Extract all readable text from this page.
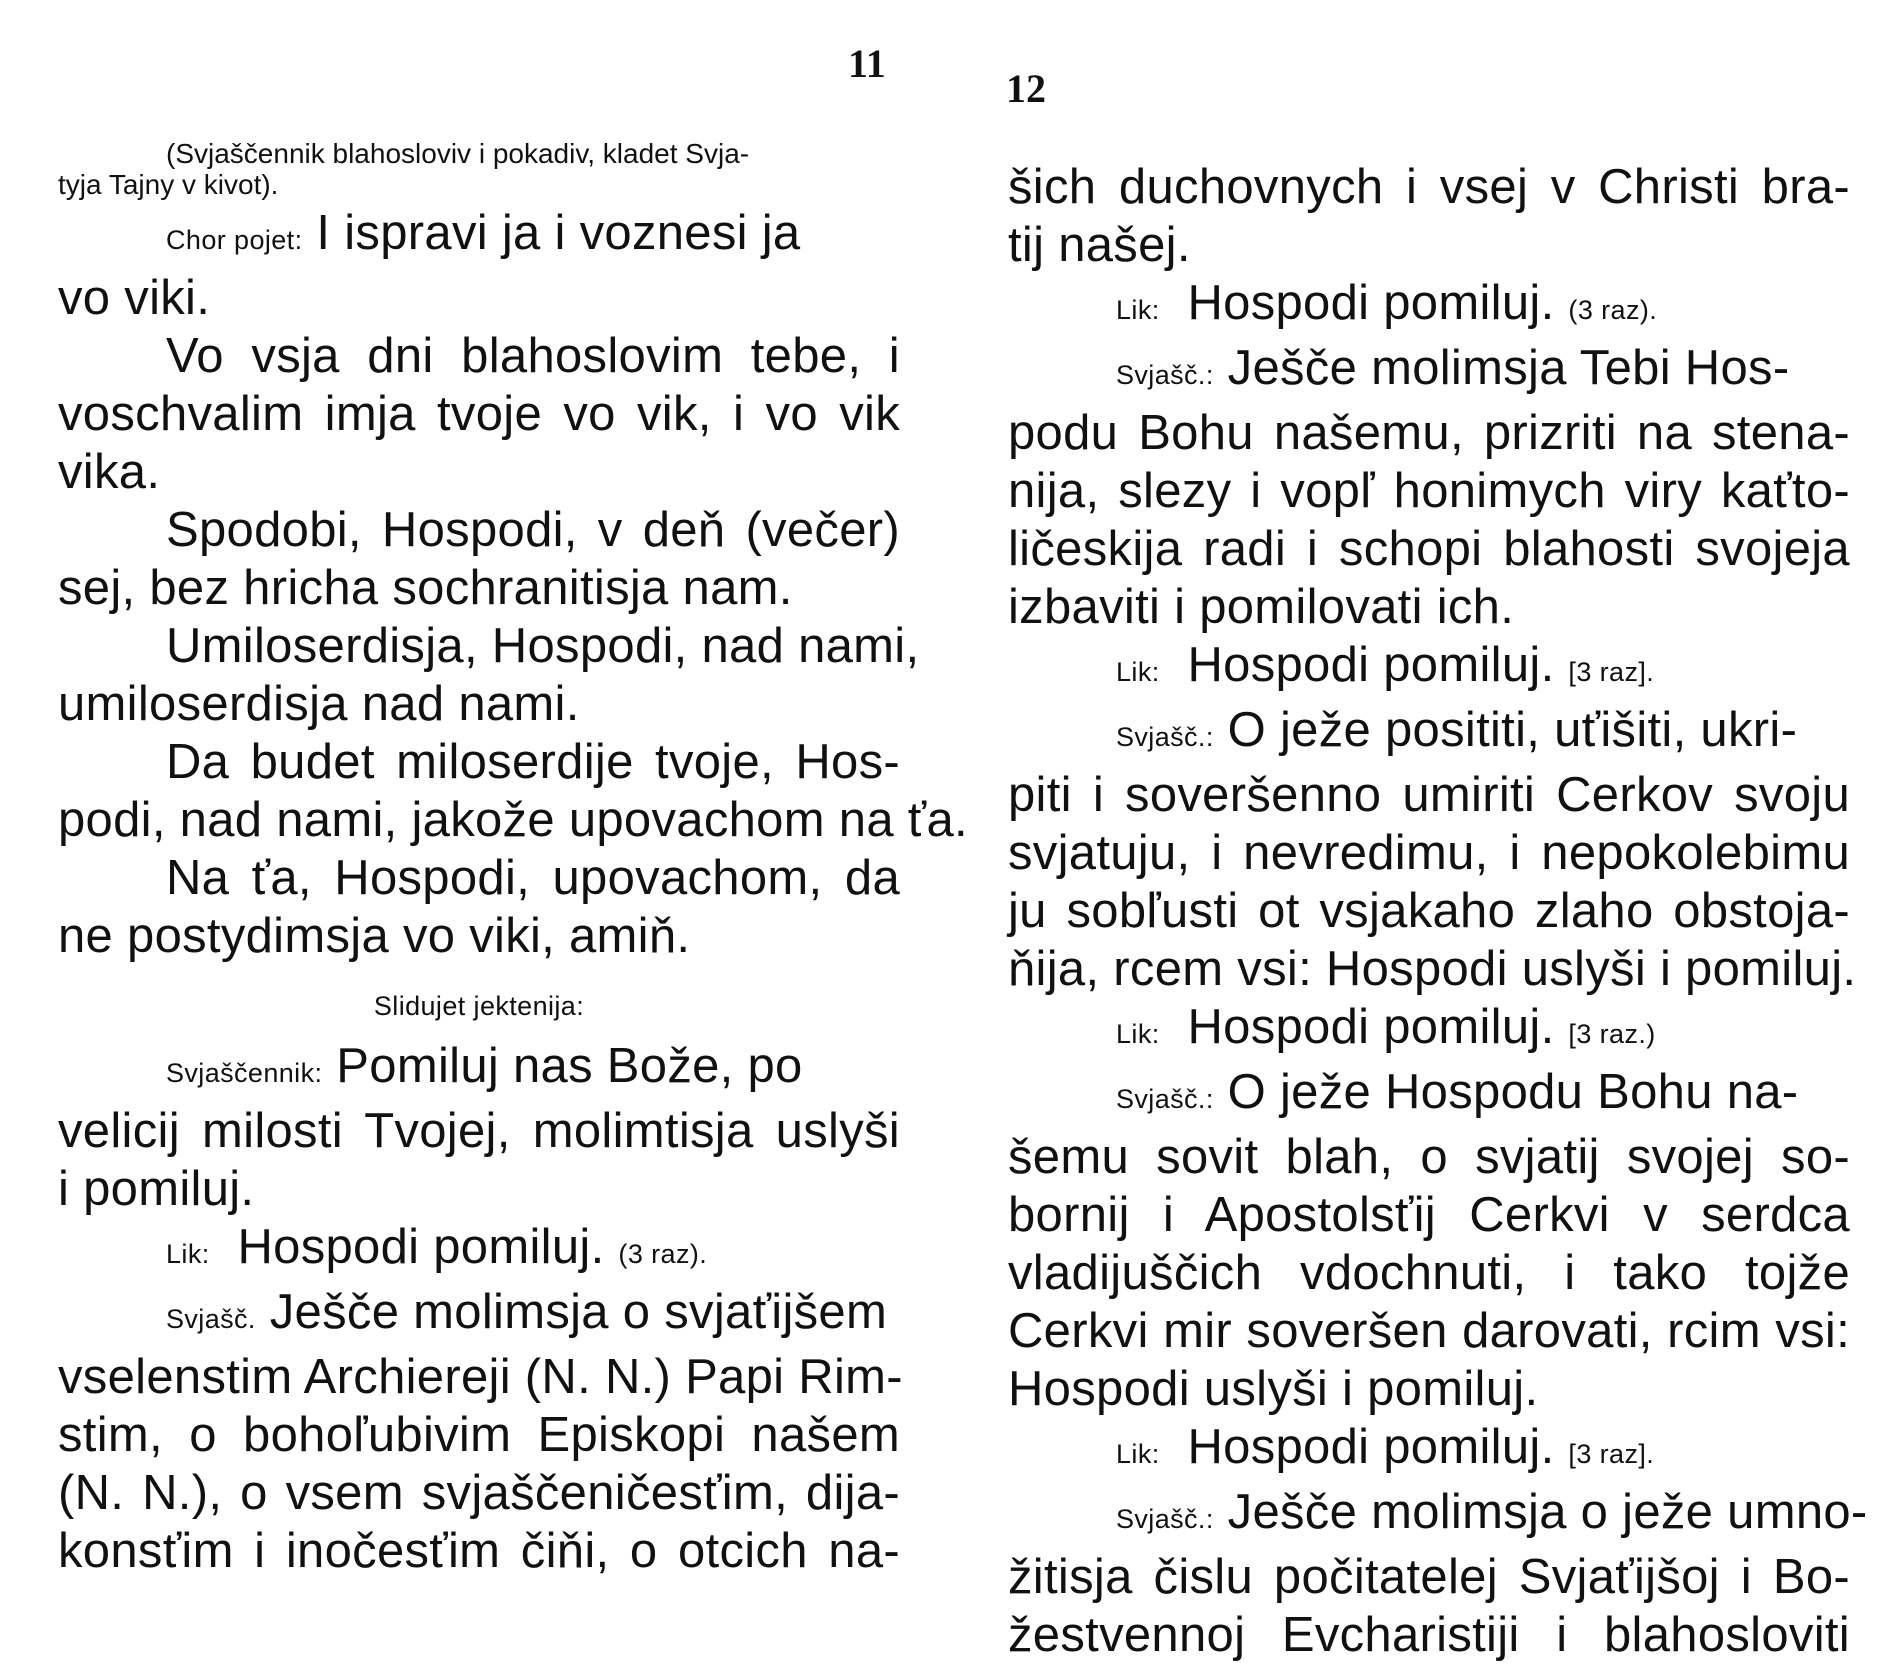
11
(Svjaščennik blahosloviv i pokadiv, kladet Svja-
tyja Tajny v kivot).
Chor pojet: I ispravi ja i voznesi ja
vo viki.
Vo vsja dni blahoslovim tebe, i
voschvalim imja tvoje vo vik, i vo vik
vika.
Spodobi, Hospodi, v deň (večer)
sej, bez hricha sochranitisja nam.
Umiloserdisja, Hospodi, nad nami,
umiloserdisja nad nami.
Da budet miloserdije tvoje, Hos-
podi, nad nami, jakože upovachom na ťa.
Na ťa, Hospodi, upovachom, da
ne postydimsja vo viki, amiň.
Slidujet jektenija:
Svjaščennik: Pomiluj nas Bože, po
velicij milosti Tvojej, molimtisja uslyši
i pomiluj.
Lik: Hospodi pomiluj. (3 raz).
Svjašč. Ješče molimsja o svjaťijšem
vselenstim Archiereji (N. N.) Papi Rim-
stim, o bohoľubivim Episkopi našem
(N. N.), o vsem svjaščeničesťim, dija-
konsťim i inočesťim čiňi, o otcich na-
12
šich duchovnych i vsej v Christi bra-
tij našej.
Lik: Hospodi pomiluj. (3 raz).
Svjašč.: Ješče molimsja Tebi Hos-
podu Bohu našemu, prizriti na stena-
nija, slezy i vopľ honimych viry kaťto-
ličeskija radi i schopi blahosti svojeja
izbaviti i pomilovati ich.
Lik: Hospodi pomiluj. [3 raz].
Svjašč.: O ježe posititi, uťišiti, ukri-
piti i soveršenno umiriti Cerkov svoju
svjatuju, i nevredimu, i nepokolebimu
ju sobľusti ot vsjakaho zlaho obstoja-
ňija, rcem vsi: Hospodi uslyši i pomiluj.
Lik: Hospodi pomiluj. [3 raz.)
Svjašč.: O ježe Hospodu Bohu na-
šemu sovit blah, o svjatij svojej so-
bornij i Apostolsťij Cerkvi v serdca
vladijuščich vdochnuti, i tako tojže
Cerkvi mir soveršen darovati, rcim vsi:
Hospodi uslyši i pomiluj.
Lik: Hospodi pomiluj. [3 raz].
Svjašč.: Ješče molimsja o ježe umno-
žitisja čislu počitatelej Svjaťijšoj i Bo-
žestvennoj Evcharistiji i blahosloviti
